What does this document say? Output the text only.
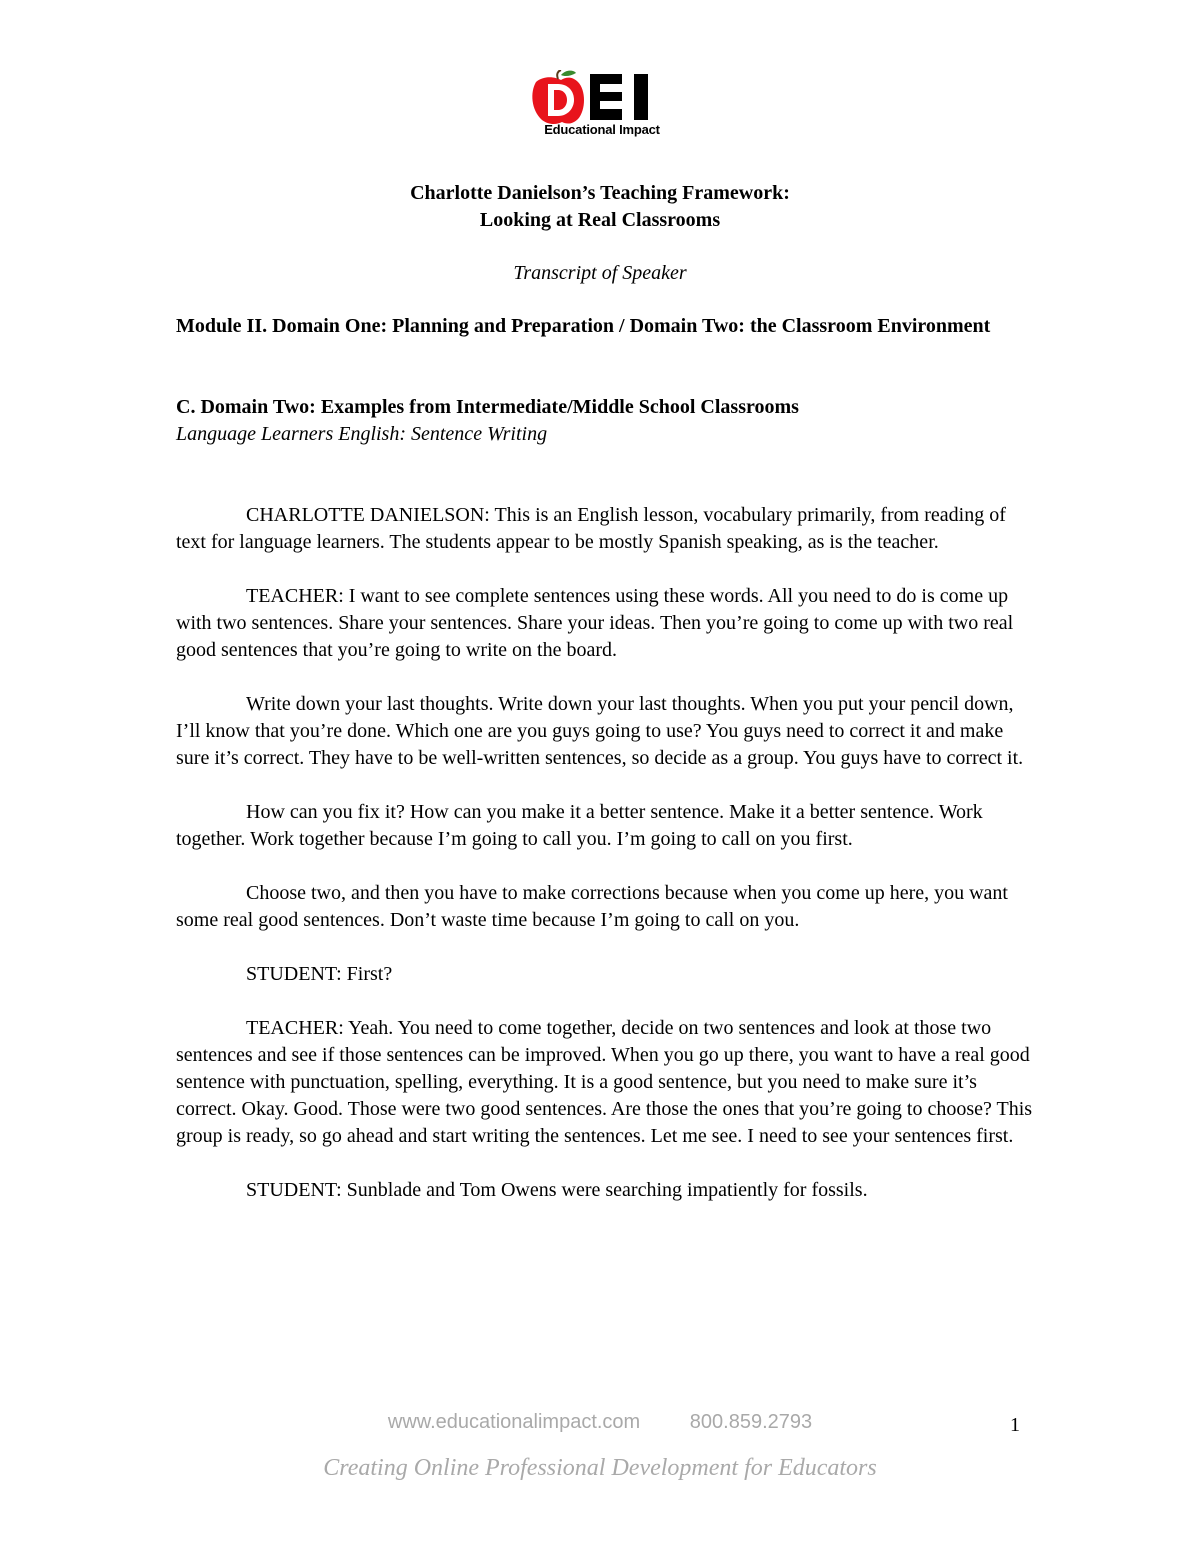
Educational Impact
Charlotte Danielson’s Teaching Framework:
Looking at Real Classrooms
Transcript of Speaker
Module II. Domain One: Planning and Preparation / Domain Two: the Classroom Environment
C. Domain Two: Examples from Intermediate/Middle School Classrooms
Language Learners English: Sentence Writing

CHARLOTTE DANIELSON: This is an English lesson, vocabulary primarily, from reading of text for language learners. The students appear to be mostly Spanish speaking, as is the teacher.

TEACHER: I want to see complete sentences using these words. All you need to do is come up with two sentences. Share your sentences. Share your ideas. Then you’re going to come up with two real good sentences that you’re going to write on the board.

Write down your last thoughts. Write down your last thoughts. When you put your pencil down, I’ll know that you’re done. Which one are you guys going to use? You guys need to correct it and make sure it’s correct. They have to be well-written sentences, so decide as a group. You guys have to correct it.

How can you fix it? How can you make it a better sentence. Make it a better sentence. Work together. Work together because I’m going to call you. I’m going to call on you first.

Choose two, and then you have to make corrections because when you come up here, you want some real good sentences. Don’t waste time because I’m going to call on you.

STUDENT: First?

TEACHER: Yeah. You need to come together, decide on two sentences and look at those two sentences and see if those sentences can be improved. When you go up there, you want to have a real good sentence with punctuation, spelling, everything. It is a good sentence, but you need to make sure it’s correct. Okay. Good. Those were two good sentences. Are those the ones that you’re going to choose? This group is ready, so go ahead and start writing the sentences. Let me see. I need to see your sentences first.

STUDENT: Sunblade and Tom Owens were searching impatiently for fossils.

www.educationalimpact.com 800.859.2793	1
Creating Online Professional Development for Educators
